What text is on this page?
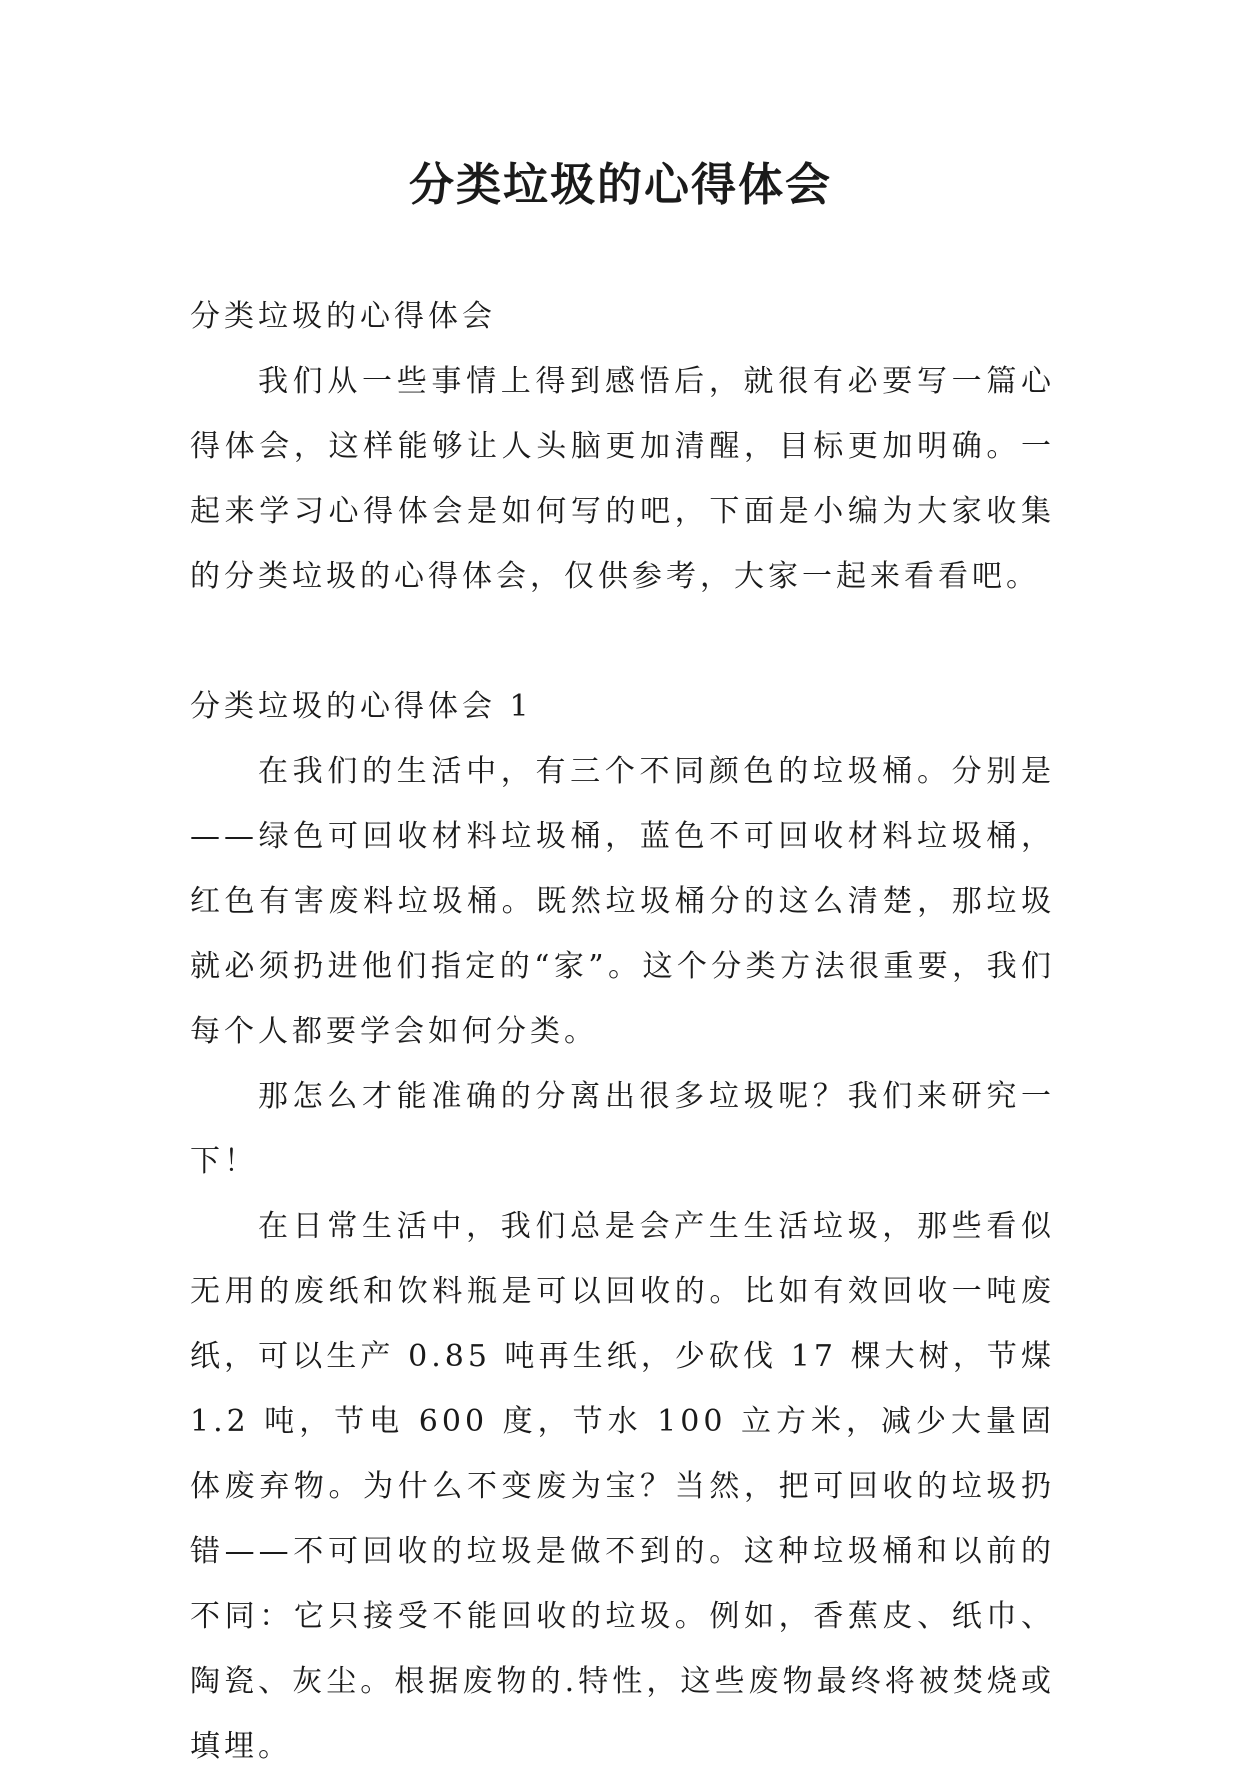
分类垃圾的心得体会

分类垃圾的心得体会

我们从一些事情上得到感悟后，就很有必要写一篇心得体会，这样能够让人头脑更加清醒，目标更加明确。一起来学习心得体会是如何写的吧，下面是小编为大家收集的分类垃圾的心得体会，仅供参考，大家一起来看看吧。

分类垃圾的心得体会 1

在我们的生活中，有三个不同颜色的垃圾桶。分别是——绿色可回收材料垃圾桶，蓝色不可回收材料垃圾桶，红色有害废料垃圾桶。既然垃圾桶分的这么清楚，那垃圾就必须扔进他们指定的“家”。这个分类方法很重要，我们每个人都要学会如何分类。

那怎么才能准确的分离出很多垃圾呢？我们来研究一下！

在日常生活中，我们总是会产生生活垃圾，那些看似无用的废纸和饮料瓶是可以回收的。比如有效回收一吨废纸，可以生产 0.85 吨再生纸，少砍伐 17 棵大树，节煤 1.2 吨，节电 600 度，节水 100 立方米，减少大量固体废弃物。为什么不变废为宝？当然，把可回收的垃圾扔错——不可回收的垃圾是做不到的。这种垃圾桶和以前的不同：它只接受不能回收的垃圾。例如，香蕉皮、纸巾、陶瓷、灰尘。根据废物的.特性，这些废物最终将被焚烧或填埋。
